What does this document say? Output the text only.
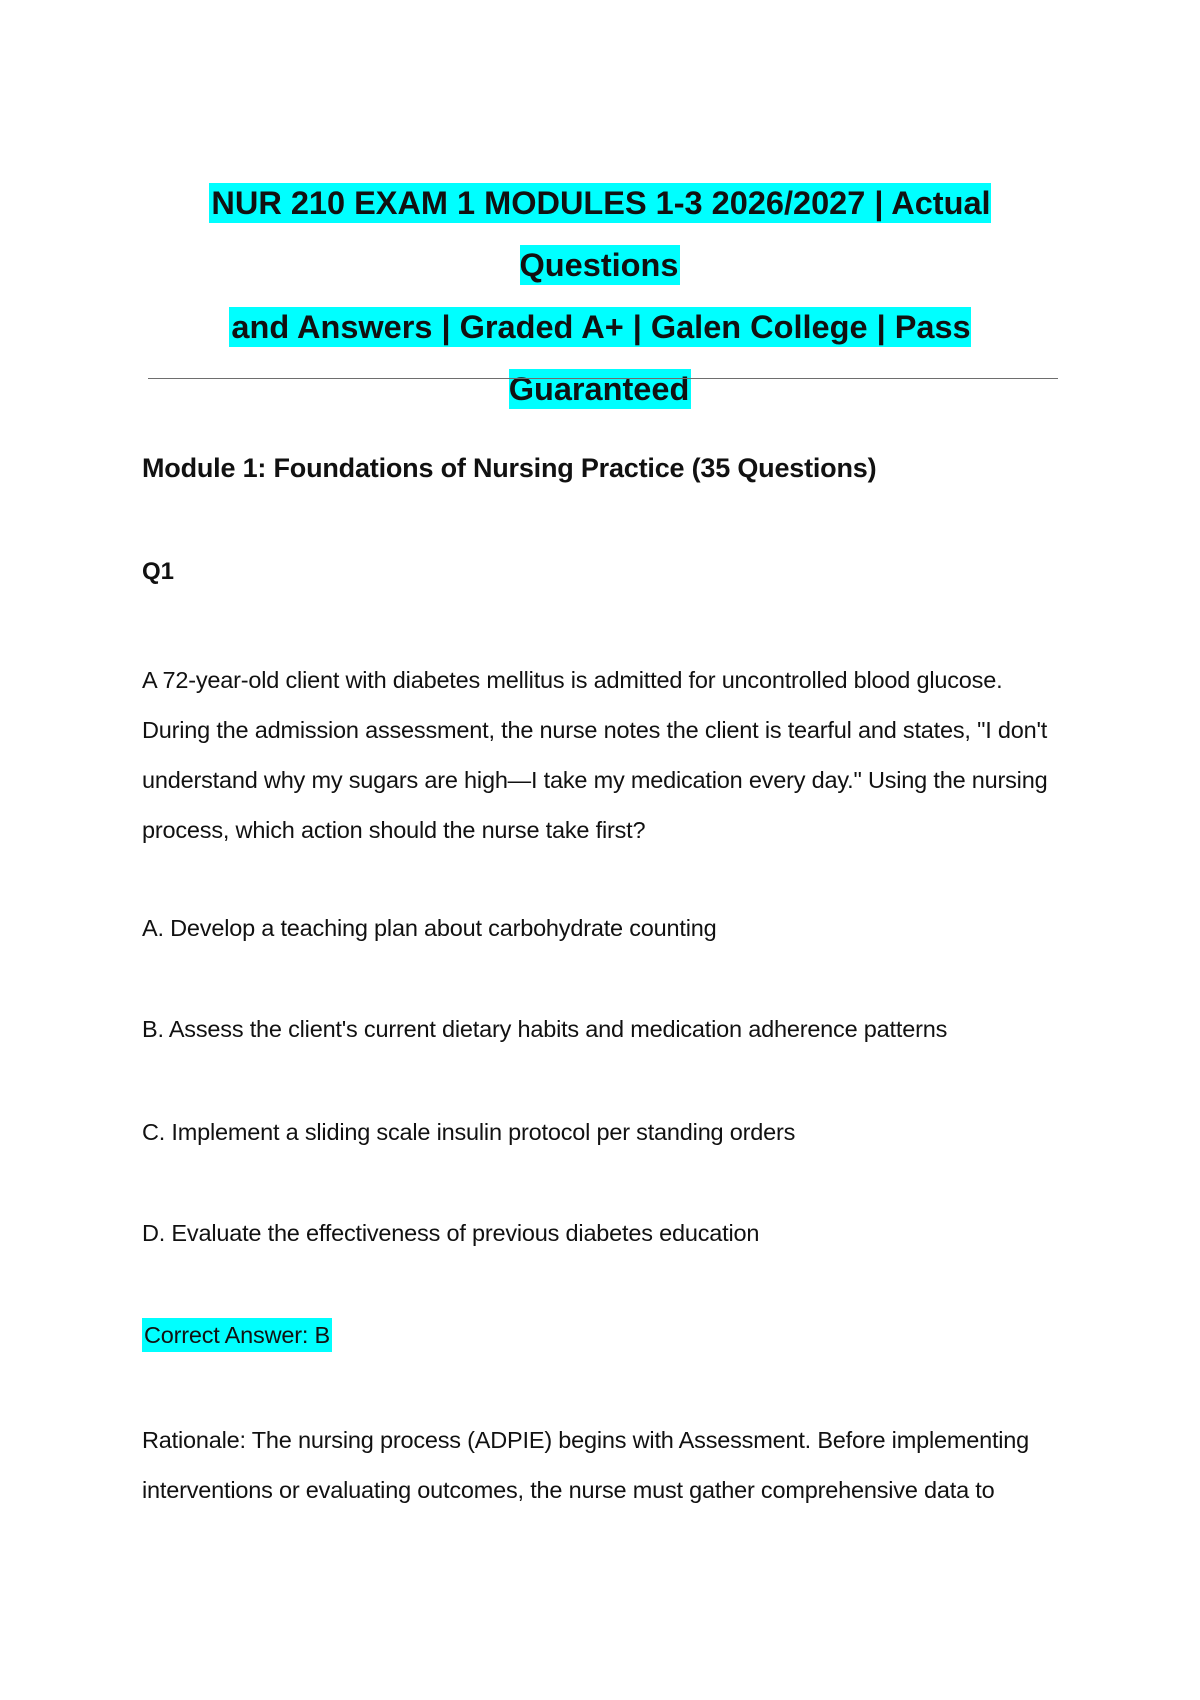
NUR 210 EXAM 1 MODULES 1-3 2026/2027 | Actual Questions
and Answers | Graded A+ | Galen College | Pass Guaranteed
Module 1: Foundations of Nursing Practice (35 Questions)
Q1

A 72-year-old client with diabetes mellitus is admitted for uncontrolled blood glucose. During the admission assessment, the nurse notes the client is tearful and states, "I don't understand why my sugars are high—I take my medication every day." Using the nursing process, which action should the nurse take first?

A. Develop a teaching plan about carbohydrate counting

B. Assess the client's current dietary habits and medication adherence patterns

C. Implement a sliding scale insulin protocol per standing orders

D. Evaluate the effectiveness of previous diabetes education

Correct Answer: B

Rationale: The nursing process (ADPIE) begins with Assessment. Before implementing interventions or evaluating outcomes, the nurse must gather comprehensive data to
